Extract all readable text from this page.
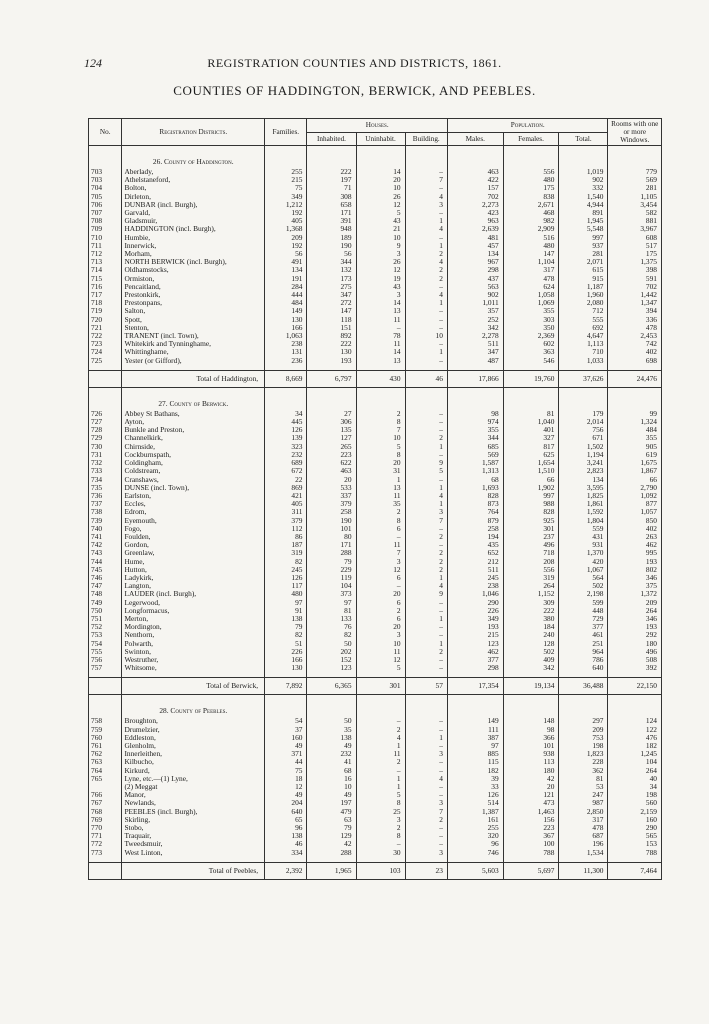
124	REGISTRATION COUNTIES AND DISTRICTS, 1861.
COUNTIES OF HADDINGTON, BERWICK, AND PEEBLES.
No.	Registration Districts.	Families.	Houses.			Population.			Rooms with one or more Windows.
			Inhabited.	Uninhabit.	Building.	Males.	Females.	Total.	
	26. County of Haddington.								
703	Aberlady,	255	222	14	–	463	556	1,019	779
703	Athelstaneford,	215	197	20	7	422	480	902	569
704	Bolton,	75	71	10	–	157	175	332	281
705	Dirleton,	349	308	26	4	702	838	1,540	1,105
706	DUNBAR (incl. Burgh),	1,212	658	12	3	2,273	2,671	4,944	3,454
707	Garvald,	192	171	5	–	423	468	891	582
708	Gladsmuir,	405	391	43	1	963	982	1,945	881
709	HADDINGTON (incl. Burgh),	1,368	948	21	4	2,639	2,909	5,548	3,967
710	Humbie,	209	189	10	–	481	516	997	608
711	Innerwick,	192	190	9	1	457	480	937	517
712	Morham,	56	56	3	2	134	147	281	175
713	NORTH BERWICK (incl. Burgh),	491	344	26	4	967	1,104	2,071	1,375
714	Oldhamstocks,	134	132	12	2	298	317	615	398
715	Ormiston,	191	173	19	2	437	478	915	591
716	Pencaitland,	284	275	43	–	563	624	1,187	702
717	Prestonkirk,	444	347	3	4	902	1,058	1,960	1,442
718	Prestonpans,	484	272	14	1	1,011	1,069	2,080	1,347
719	Salton,	149	147	13	–	357	355	712	394
720	Spott,	130	118	11	–	252	303	555	336
721	Stenton,	166	151	–	–	342	350	692	478
722	TRANENT (incl. Town),	1,063	892	78	10	2,278	2,369	4,647	2,453
723	Whitekirk and Tynninghame,	238	222	11	–	511	602	1,113	742
724	Whittinghame,	131	130	14	1	347	363	710	402
725	Yester (or Gifford),	236	193	13	–	487	546	1,033	698

	Total of Haddington,	8,669	6,797	430	46	17,866	19,760	37,626	24,476
	27. County of Berwick.								
726	Abbey St Bathans,	34	27	2	–	98	81	179	99
727	Ayton,	445	306	8	–	974	1,040	2,014	1,324
728	Bunkle and Preston,	126	135	7	–	355	401	756	484
729	Channelkirk,	139	127	10	2	344	327	671	355
730	Chirnside,	323	265	5	1	685	817	1,502	905
731	Cockburnspath,	232	223	8	–	569	625	1,194	619
732	Coldingham,	689	622	20	9	1,587	1,654	3,241	1,675
733	Coldstream,	672	463	31	5	1,313	1,510	2,823	1,867
734	Cranshaws,	22	20	1	–	68	66	134	66
735	DUNSE (incl. Town),	869	533	13	1	1,693	1,902	3,595	2,790
736	Earlston,	421	337	11	4	828	997	1,825	1,092
737	Eccles,	405	379	35	1	873	988	1,861	877
738	Edrom,	311	258	2	3	764	828	1,592	1,057
739	Eyemouth,	379	190	8	7	879	925	1,804	850
740	Fogo,	112	101	6	–	258	301	559	402
741	Foulden,	86	80	–	2	194	237	431	263
742	Gordon,	187	171	11	–	435	496	931	462
743	Greenlaw,	319	288	7	2	652	718	1,370	995
744	Hume,	82	79	3	2	212	208	420	193
745	Hutton,	245	229	12	2	511	556	1,067	802
746	Ladykirk,	126	119	6	1	245	319	564	346
747	Langton,	117	104	–	4	238	264	502	375
748	LAUDER (incl. Burgh),	480	373	20	9	1,046	1,152	2,198	1,372
749	Legerwood,	97	97	6	–	290	309	599	209
750	Longformacus,	91	81	2	–	226	222	448	264
751	Merton,	138	133	6	1	349	380	729	346
752	Mordington,	79	76	20	–	193	184	377	193
753	Nenthorn,	82	82	3	–	215	240	461	292
754	Polwarth,	51	50	10	1	123	128	251	180
755	Swinton,	226	202	11	2	462	502	964	496
756	Westruther,	166	152	12	–	377	409	786	508
757	Whitsome,	130	123	5	–	298	342	640	392

	Total of Berwick,	7,892	6,365	301	57	17,354	19,134	36,488	22,150
	28. County of Peebles.								
758	Broughton,	54	50	–	–	149	148	297	124
759	Drumelzier,	37	35	2	–	111	98	209	122
760	Eddleston,	160	138	4	1	387	366	753	476
761	Glenholm,	49	49	1	–	97	101	198	182
762	Innerleithen,	371	232	11	3	885	938	1,823	1,245
763	Kilbucho,	44	41	2	–	115	113	228	104
764	Kirkurd,	75	68	–	–	182	180	362	264
765	Lyne, etc.—(1) Lyne,	18	16	1	4	39	42	81	40
	(2) Meggat	12	10	1	–	33	20	53	34
766	Manor,	49	49	5	–	126	121	247	198
767	Newlands,	204	197	8	3	514	473	987	560
768	PEEBLES (incl. Burgh),	640	479	25	7	1,387	1,463	2,850	2,159
769	Skirling,	65	63	3	2	161	156	317	160
770	Stobo,	96	79	2	–	255	223	478	290
771	Traquair,	138	129	8	–	320	367	687	565
772	Tweedsmuir,	46	42	–	–	96	100	196	153
773	West Linton,	334	288	30	3	746	788	1,534	788

	Total of Peebles,	2,392	1,965	103	23	5,603	5,697	11,300	7,464
